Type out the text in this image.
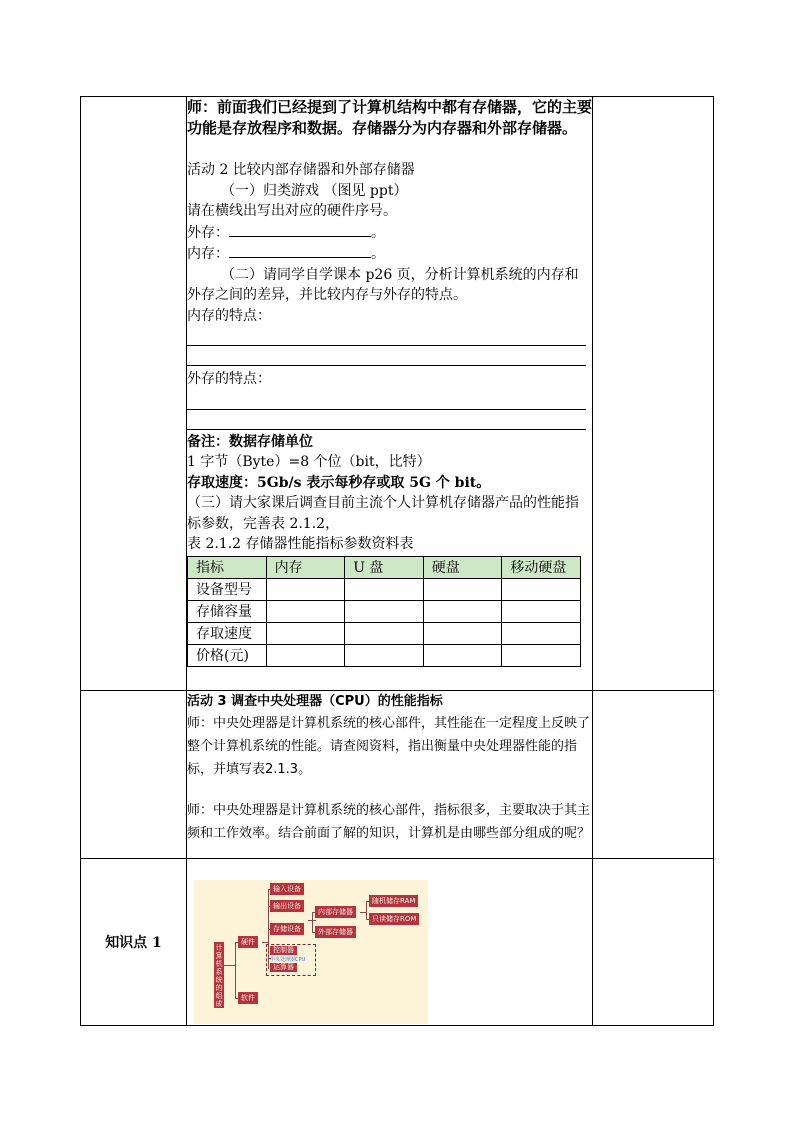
师：前面我们已经提到了计算机结构中都有存储器，它的主要功能是存放程序和数据。存储器分为内存器和外部存储器。

活动 2 比较内部存储器和外部存储器

（一）归类游戏 （图见 ppt）

请在横线出写出对应的硬件序号。

外存：	。

内存：	。

（二）请同学自学课本 p26 页，分析计算机系统的内存和外存之间的差异，并比较内存与外存的特点。

内存的特点：

外存的特点：

备注：数据存储单位

1 字节（Byte）=8 个位（bit，比特）

存取速度：5Gb/s 表示每秒存或取 5G 个 bit。

（三）请大家课后调查目前主流个人计算机存储器产品的性能指标参数，完善表 2.1.2，

表 2.1.2 存储器性能指标参数资料表

指标	内存	U 盘	硬盘	移动硬盘
设备型号				
存储容量				
存取速度				
价格(元)				

活动 3 调查中央处理器（CPU）的性能指标

师：中央处理器是计算机系统的核心部件，其性能在一定程度上反映了整个计算机系统的性能。请查阅资料，指出衡量中央处理器性能的指标，并填写表2.1.3。

师：中央处理器是计算机系统的核心部件，指标很多，主要取决于其主频和工作效率。结合前面了解的知识，计算机是由哪些部分组成的呢？

知识点 1	计算机系统的组成
硬件
软件
输入设备
输出设备
存储设备
内部存储器
外部存储器
随机储存RAM
只读储存ROM
控制器
中央处理器CPU
运算器
